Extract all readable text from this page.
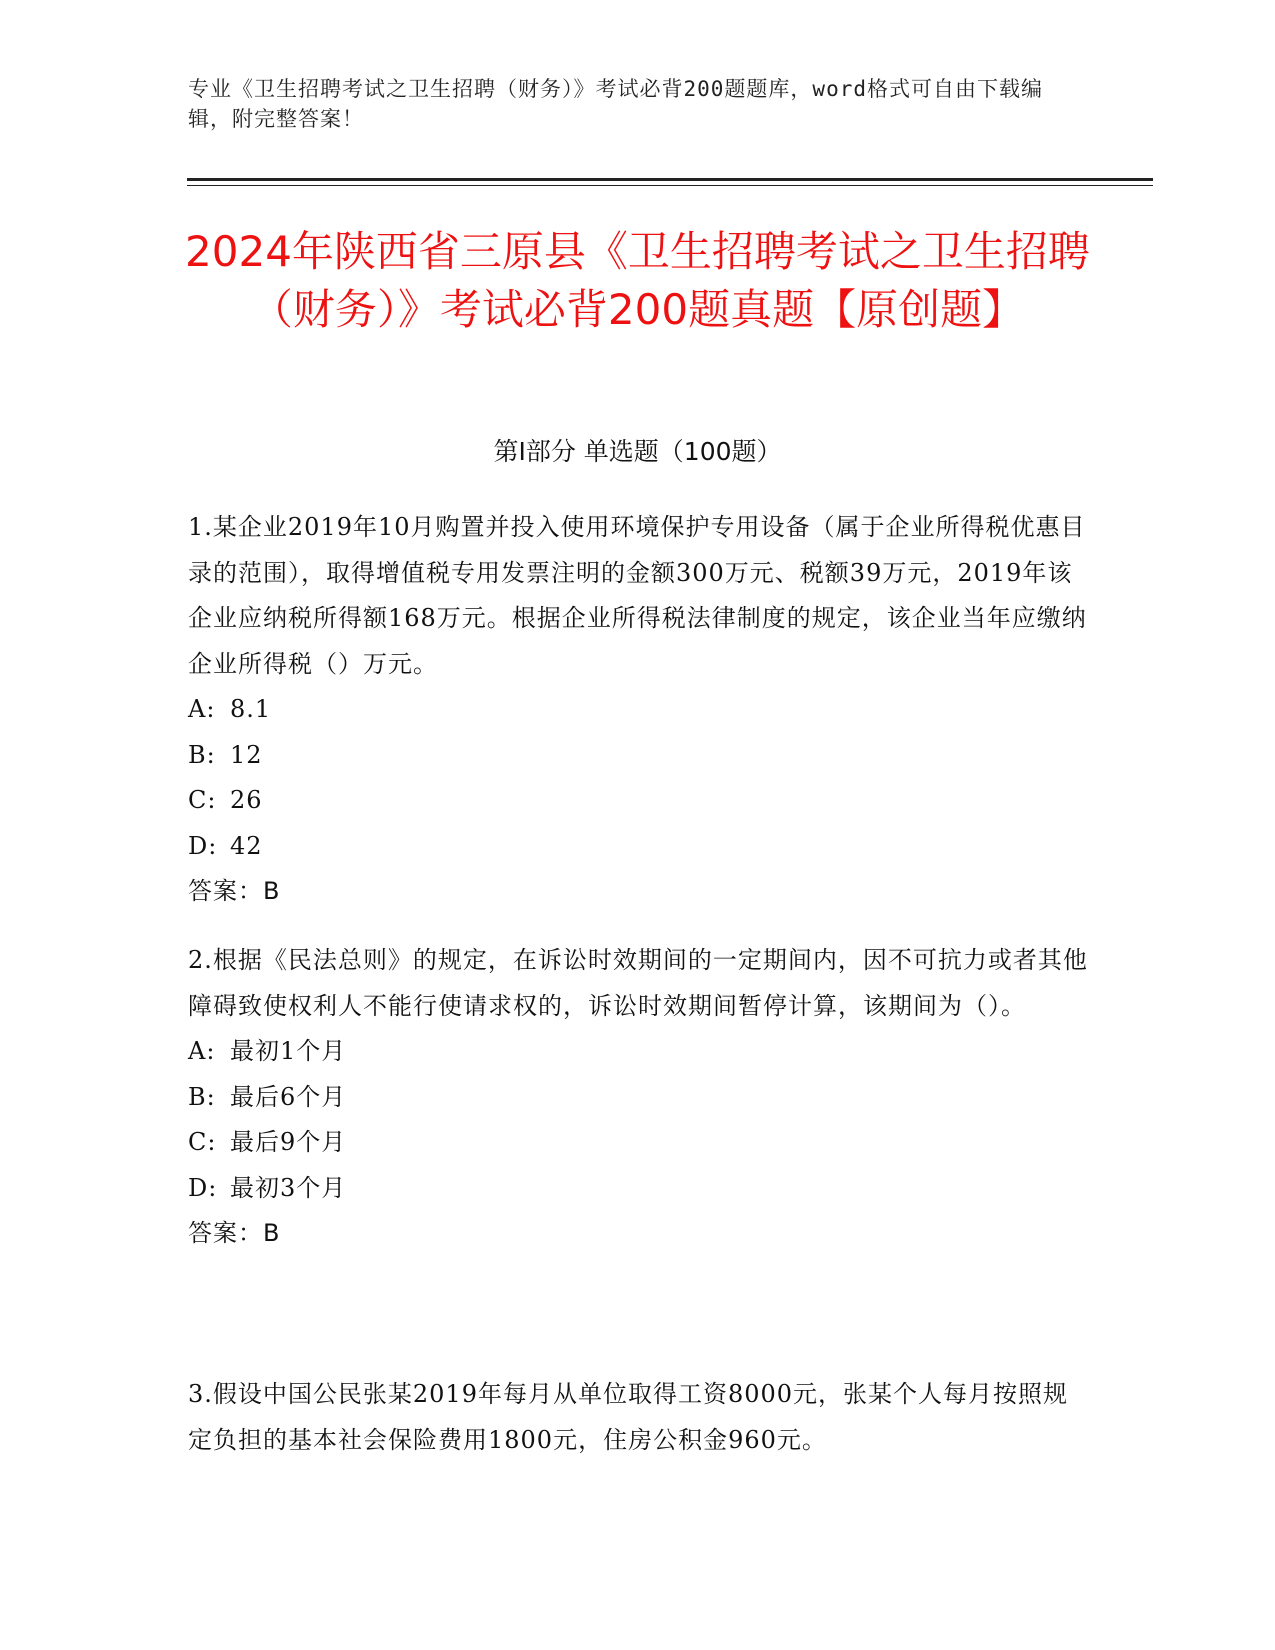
专业《卫生招聘考试之卫生招聘（财务）》考试必背200题题库，word格式可自由下载编辑，附完整答案！
2024年陕西省三原县《卫生招聘考试之卫生招聘（财务）》考试必背200题真题【原创题】
第I部分 单选题（100题）

1.某企业2019年10月购置并投入使用环境保护专用设备（属于企业所得税优惠目录的范围），取得增值税专用发票注明的金额300万元、税额39万元，2019年该企业应纳税所得额168万元。根据企业所得税法律制度的规定，该企业当年应缴纳企业所得税（）万元。

A: 8.1
B: 12
C: 26
D: 42
答案：B

2.根据《民法总则》的规定，在诉讼时效期间的一定期间内，因不可抗力或者其他障碍致使权利人不能行使请求权的，诉讼时效期间暂停计算，该期间为（）。

A: 最初1个月
B: 最后6个月
C: 最后9个月
D: 最初3个月
答案：B

3.假设中国公民张某2019年每月从单位取得工资8000元，张某个人每月按照规定负担的基本社会保险费用1800元，住房公积金960元。
